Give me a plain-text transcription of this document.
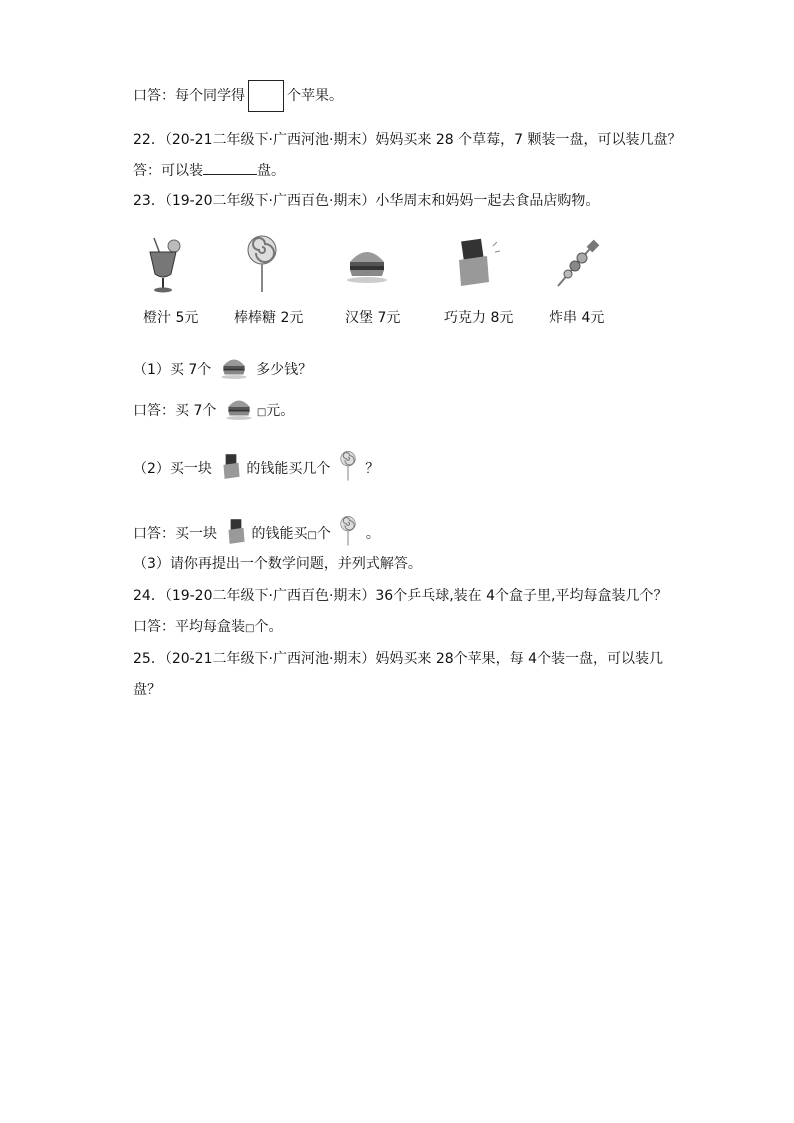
口答：每个同学得	个苹果。
22．（20-21二年级下·广西河池·期末）妈妈买来 28 个草莓，7 颗装一盘，可以装几盘？
答：可以装	盘。
23．（19-20二年级下·广西百色·期末）小华周末和妈妈一起去食品店购物。
橙汁 5元	棒棒糖 2元	汉堡 7元	巧克力 8元	炸串 4元
（1）买 7个	多少钱？
口答：买 7个	□元。
（2）买一块 的钱能买几个 ？
口答：买一块 的钱能买□个 。
（3）请你再提出一个数学问题，并列式解答。
24．（19-20二年级下·广西百色·期末）36个乒乓球,装在 4个盒子里,平均每盒装几个？
口答：平均每盒装□个。
25．（20-21二年级下·广西河池·期末）妈妈买来 28个苹果，每 4个装一盘，可以装几
盘？
